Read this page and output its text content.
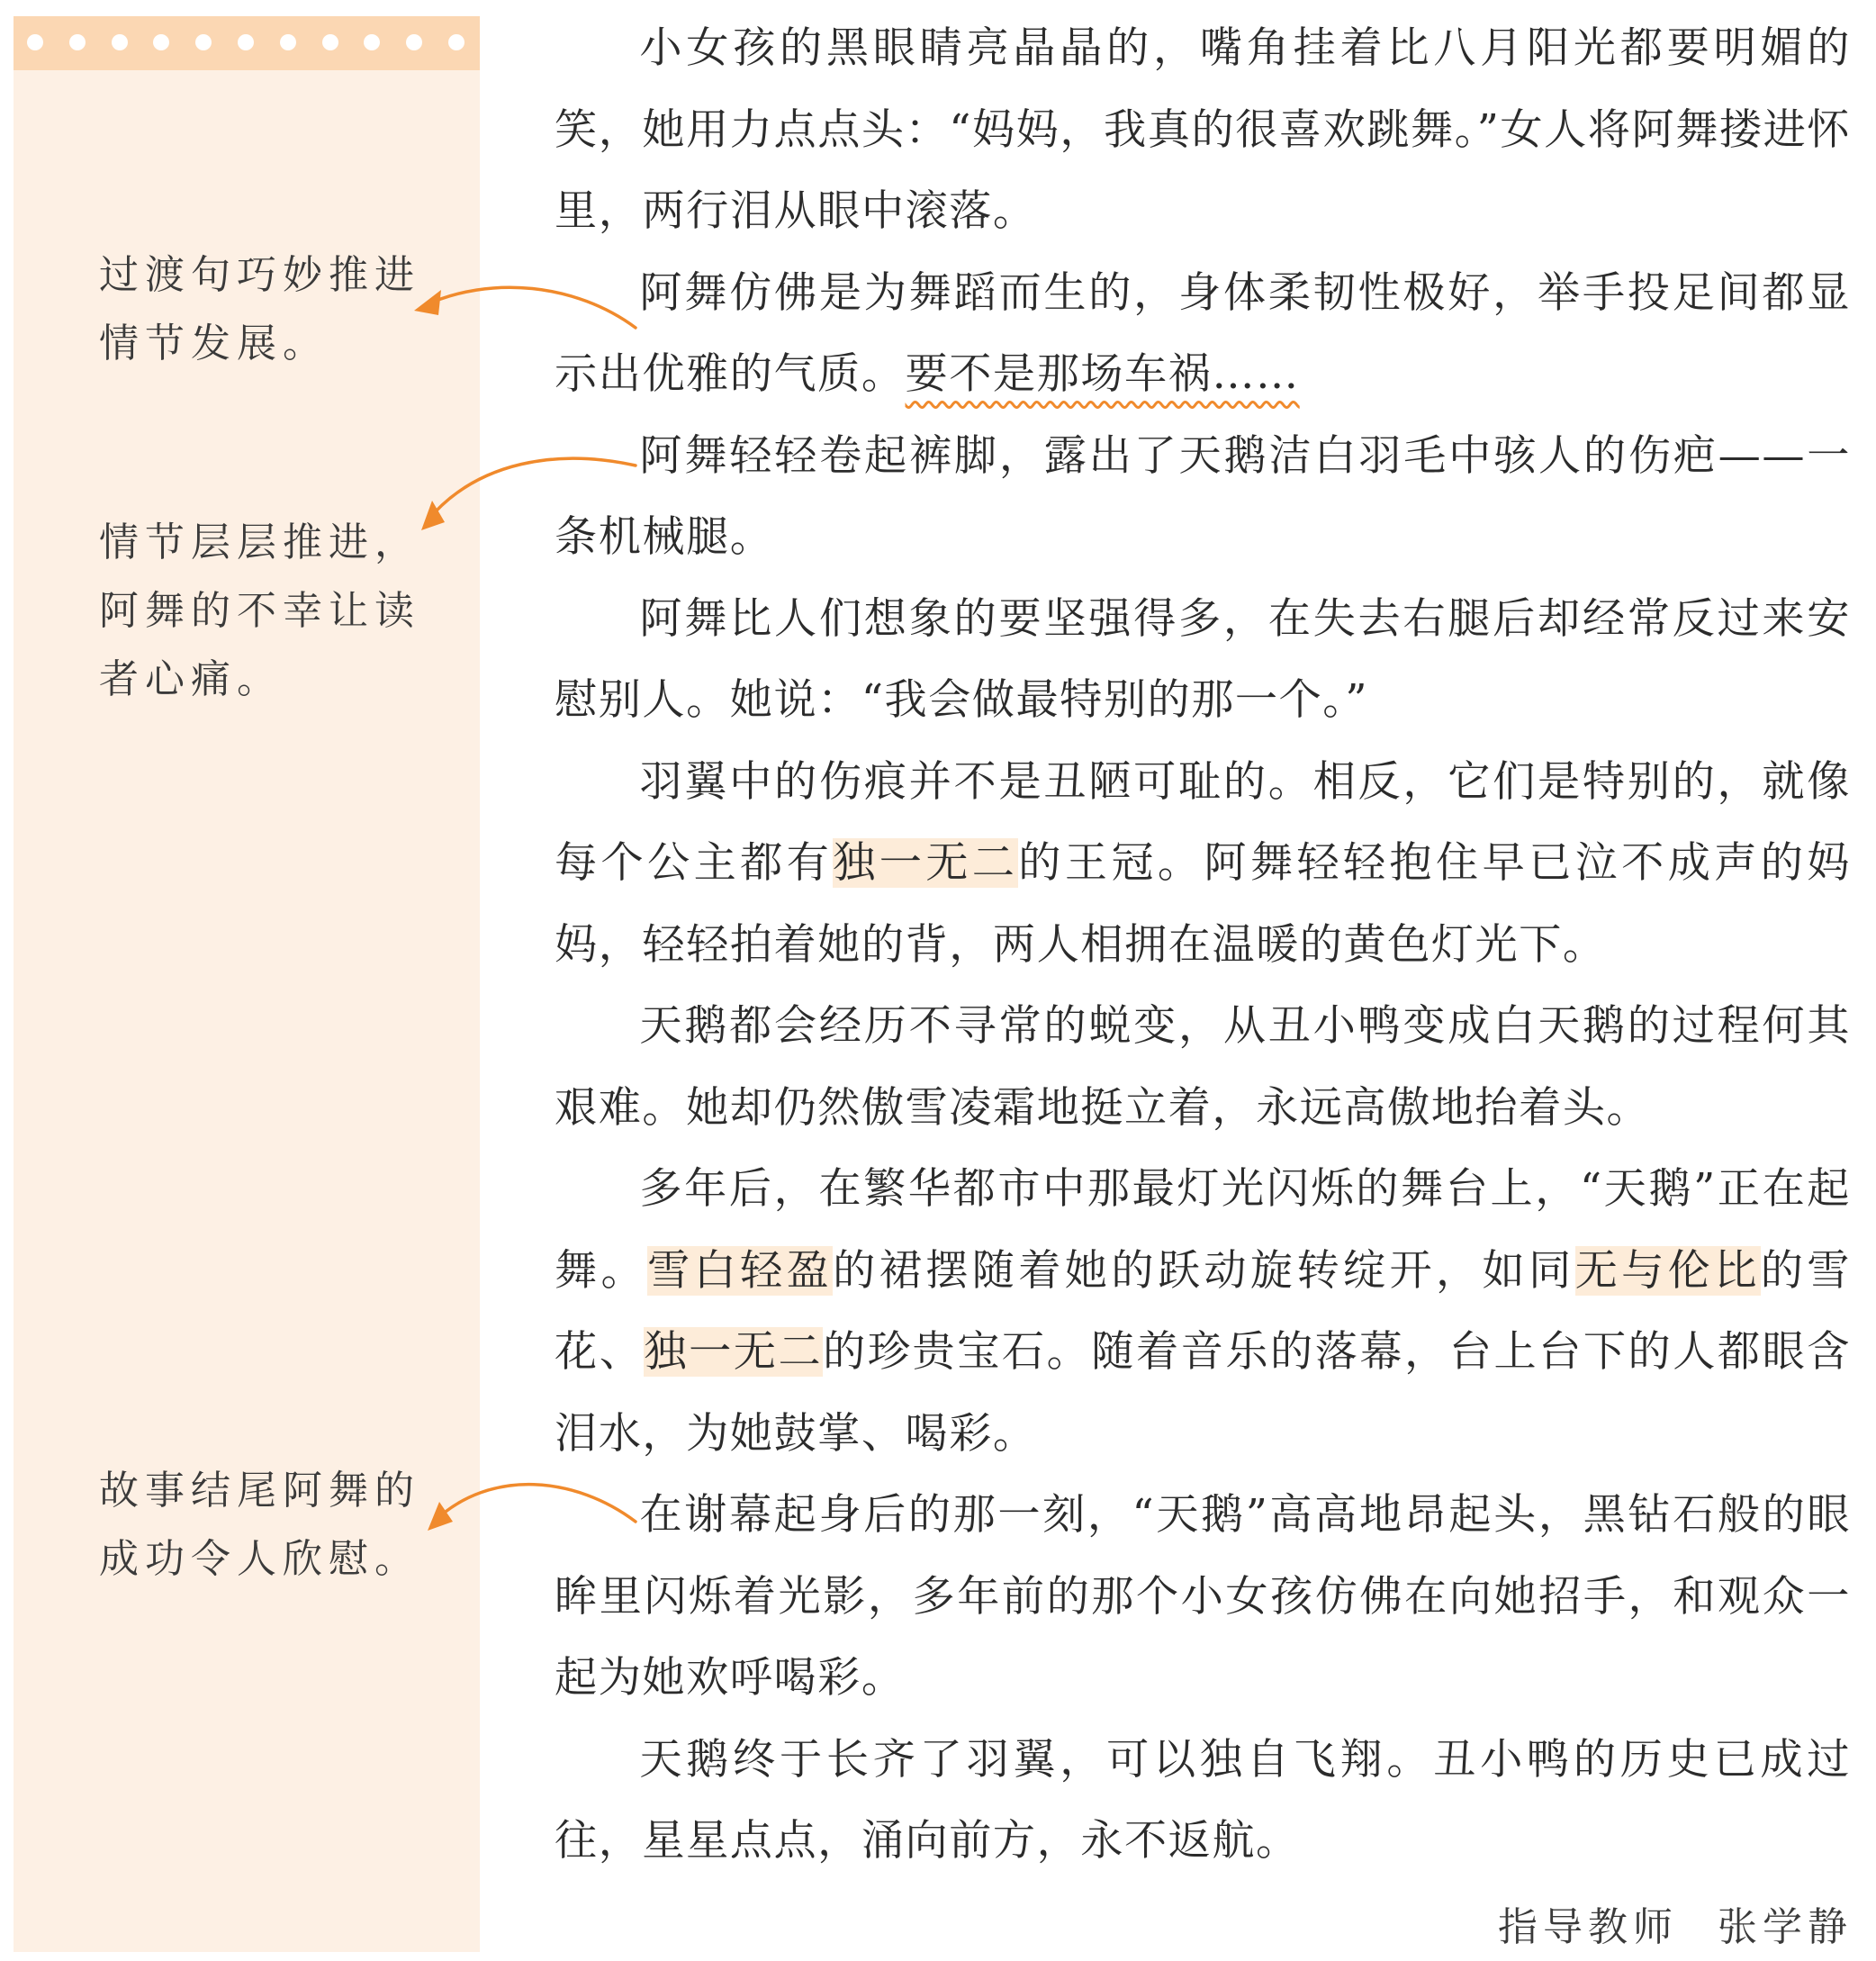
过渡句巧妙推进
情节发展。
情节层层推进，
阿舞的不幸让读
者心痛。
故事结尾阿舞的
成功令人欣慰。

小女孩的黑眼睛亮晶晶的，嘴角挂着比八月阳光都要明媚的笑，她用力点点头：“妈妈，我真的很喜欢跳舞。”女人将阿舞搂进怀里，两行泪从眼中滚落。

阿舞仿佛是为舞蹈而生的，身体柔韧性极好，举手投足间都显示出优雅的气质。要不是那场车祸……

阿舞轻轻卷起裤脚，露出了天鹅洁白羽毛中骇人的伤疤——一条机械腿。

阿舞比人们想象的要坚强得多，在失去右腿后却经常反过来安慰别人。她说：“我会做最特别的那一个。”

羽翼中的伤痕并不是丑陋可耻的。相反，它们是特别的，就像每个公主都有独一无二的王冠。阿舞轻轻抱住早已泣不成声的妈妈，轻轻拍着她的背，两人相拥在温暖的黄色灯光下。

天鹅都会经历不寻常的蜕变，从丑小鸭变成白天鹅的过程何其艰难。她却仍然傲雪凌霜地挺立着，永远高傲地抬着头。

多年后，在繁华都市中那最灯光闪烁的舞台上，“天鹅”正在起舞。雪白轻盈的裙摆随着她的跃动旋转绽开，如同无与伦比的雪花、独一无二的珍贵宝石。随着音乐的落幕，台上台下的人都眼含泪水，为她鼓掌、喝彩。

在谢幕起身后的那一刻，“天鹅”高高地昂起头，黑钻石般的眼眸里闪烁着光影，多年前的那个小女孩仿佛在向她招手，和观众一起为她欢呼喝彩。

天鹅终于长齐了羽翼，可以独自飞翔。丑小鸭的历史已成过往，星星点点，涌向前方，永不返航。

指导教师 张学静
